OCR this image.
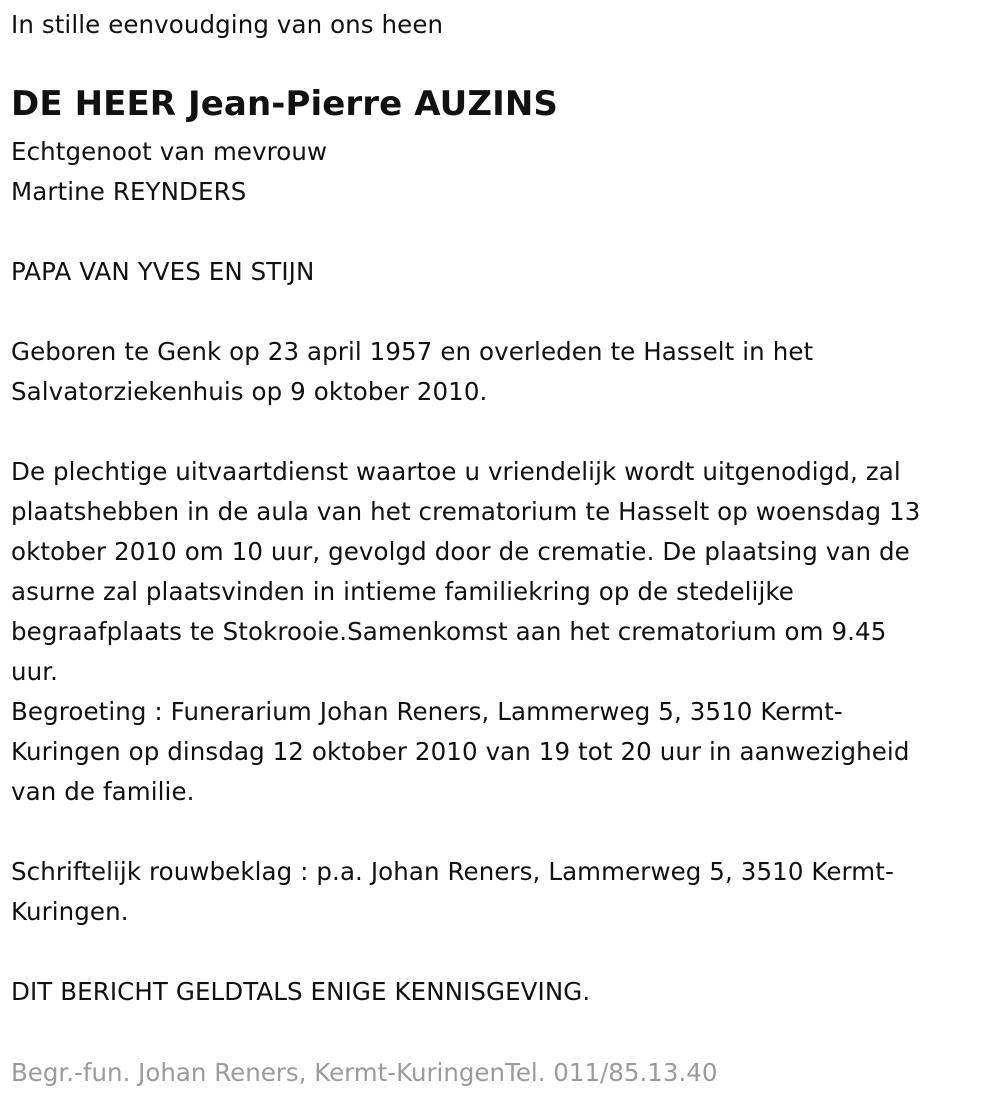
In stille eenvoudging van ons heen
DE HEER Jean-Pierre AUZINS
Echtgenoot van mevrouw
Martine REYNDERS
PAPA VAN YVES EN STIJN
Geboren te Genk op 23 april 1957 en overleden te Hasselt in het
Salvatorziekenhuis op 9 oktober 2010.
De plechtige uitvaartdienst waartoe u vriendelijk wordt uitgenodigd, zal
plaatshebben in de aula van het crematorium te Hasselt op woensdag 13
oktober 2010 om 10 uur, gevolgd door de crematie. De plaatsing van de
asurne zal plaatsvinden in intieme familiekring op de stedelijke
begraafplaats te Stokrooie.Samenkomst aan het crematorium om 9.45
uur.
Begroeting : Funerarium Johan Reners, Lammerweg 5, 3510 Kermt-
Kuringen op dinsdag 12 oktober 2010 van 19 tot 20 uur in aanwezigheid
van de familie.
Schriftelijk rouwbeklag : p.a. Johan Reners, Lammerweg 5, 3510 Kermt-
Kuringen.
DIT BERICHT GELDTALS ENIGE KENNISGEVING.
Begr.-fun. Johan Reners, Kermt-KuringenTel. 011/85.13.40
